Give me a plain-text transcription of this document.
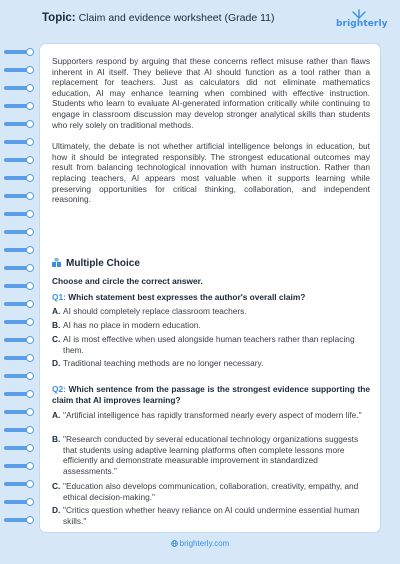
Topic: Claim and evidence worksheet (Grade 11)	brighterly

Supporters respond by arguing that these concerns reflect misuse rather than flaws inherent in AI itself. They believe that AI should function as a tool rather than a replacement for teachers. Just as calculators did not eliminate mathematics education, AI may enhance learning when combined with effective instruction. Students who learn to evaluate AI-generated information critically while continuing to engage in classroom discussion may develop stronger analytical skills than students who rely solely on traditional methods.

Ultimately, the debate is not whether artificial intelligence belongs in education, but how it should be integrated responsibly. The strongest educational outcomes may result from balancing technological innovation with human instruction. Rather than replacing teachers, AI appears most valuable when it supports learning while preserving opportunities for critical thinking, collaboration, and independent reasoning.

Multiple Choice
Choose and circle the correct answer.
Q1: Which statement best expresses the author's overall claim?
A. AI should completely replace classroom teachers.
B. AI has no place in modern education.
C. AI is most effective when used alongside human teachers rather than replacing them.
D. Traditional teaching methods are no longer necessary.
Q2: Which sentence from the passage is the strongest evidence supporting the claim that AI improves learning?
A. "Artificial intelligence has rapidly transformed nearly every aspect of modern life."
B. "Research conducted by several educational technology organizations suggests that students using adaptive learning platforms often complete lessons more efficiently and demonstrate measurable improvement in standardized assessments."
C. "Education also develops communication, collaboration, creativity, empathy, and ethical decision-making."
D. "Critics question whether heavy reliance on AI could undermine essential human skills."
brighterly.com
